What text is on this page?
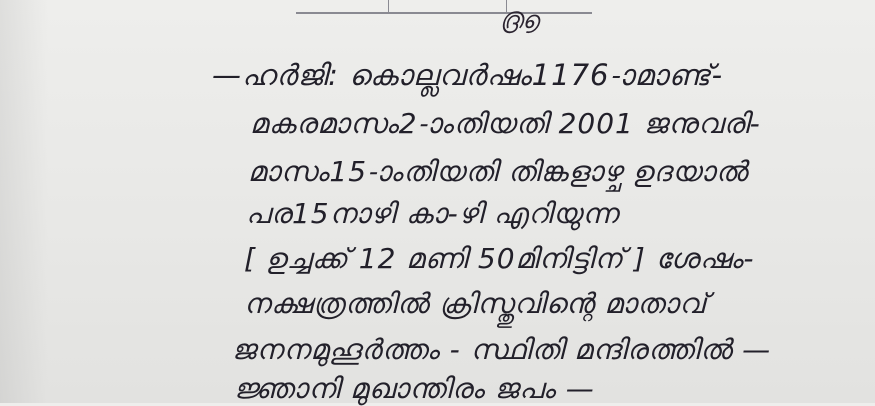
൫൭
—ഹർജി: കൊല്ലവർഷം1176-ാമാണ്ട്-
മകരമാസം2-ാംതിയതി 2001 ജനുവരി-
മാസം15-ാംതിയതി തിങ്കളാഴ്ച ഉദയാൽ
പര15നാഴി കാ-ഴി എറിയുന്ന
[ ഉച്ചക്ക് 12 മണി 50മിനിട്ടിന് ] ശേഷം-
നക്ഷത്രത്തിൽ ക്രിസ്തുവിന്റെ മാതാവ്
ജനനമുഹൂർത്തം - സ്ഥിതി മന്ദിരത്തിൽ —
ജ്ഞാനി മുഖാന്തിരം ജപം —
